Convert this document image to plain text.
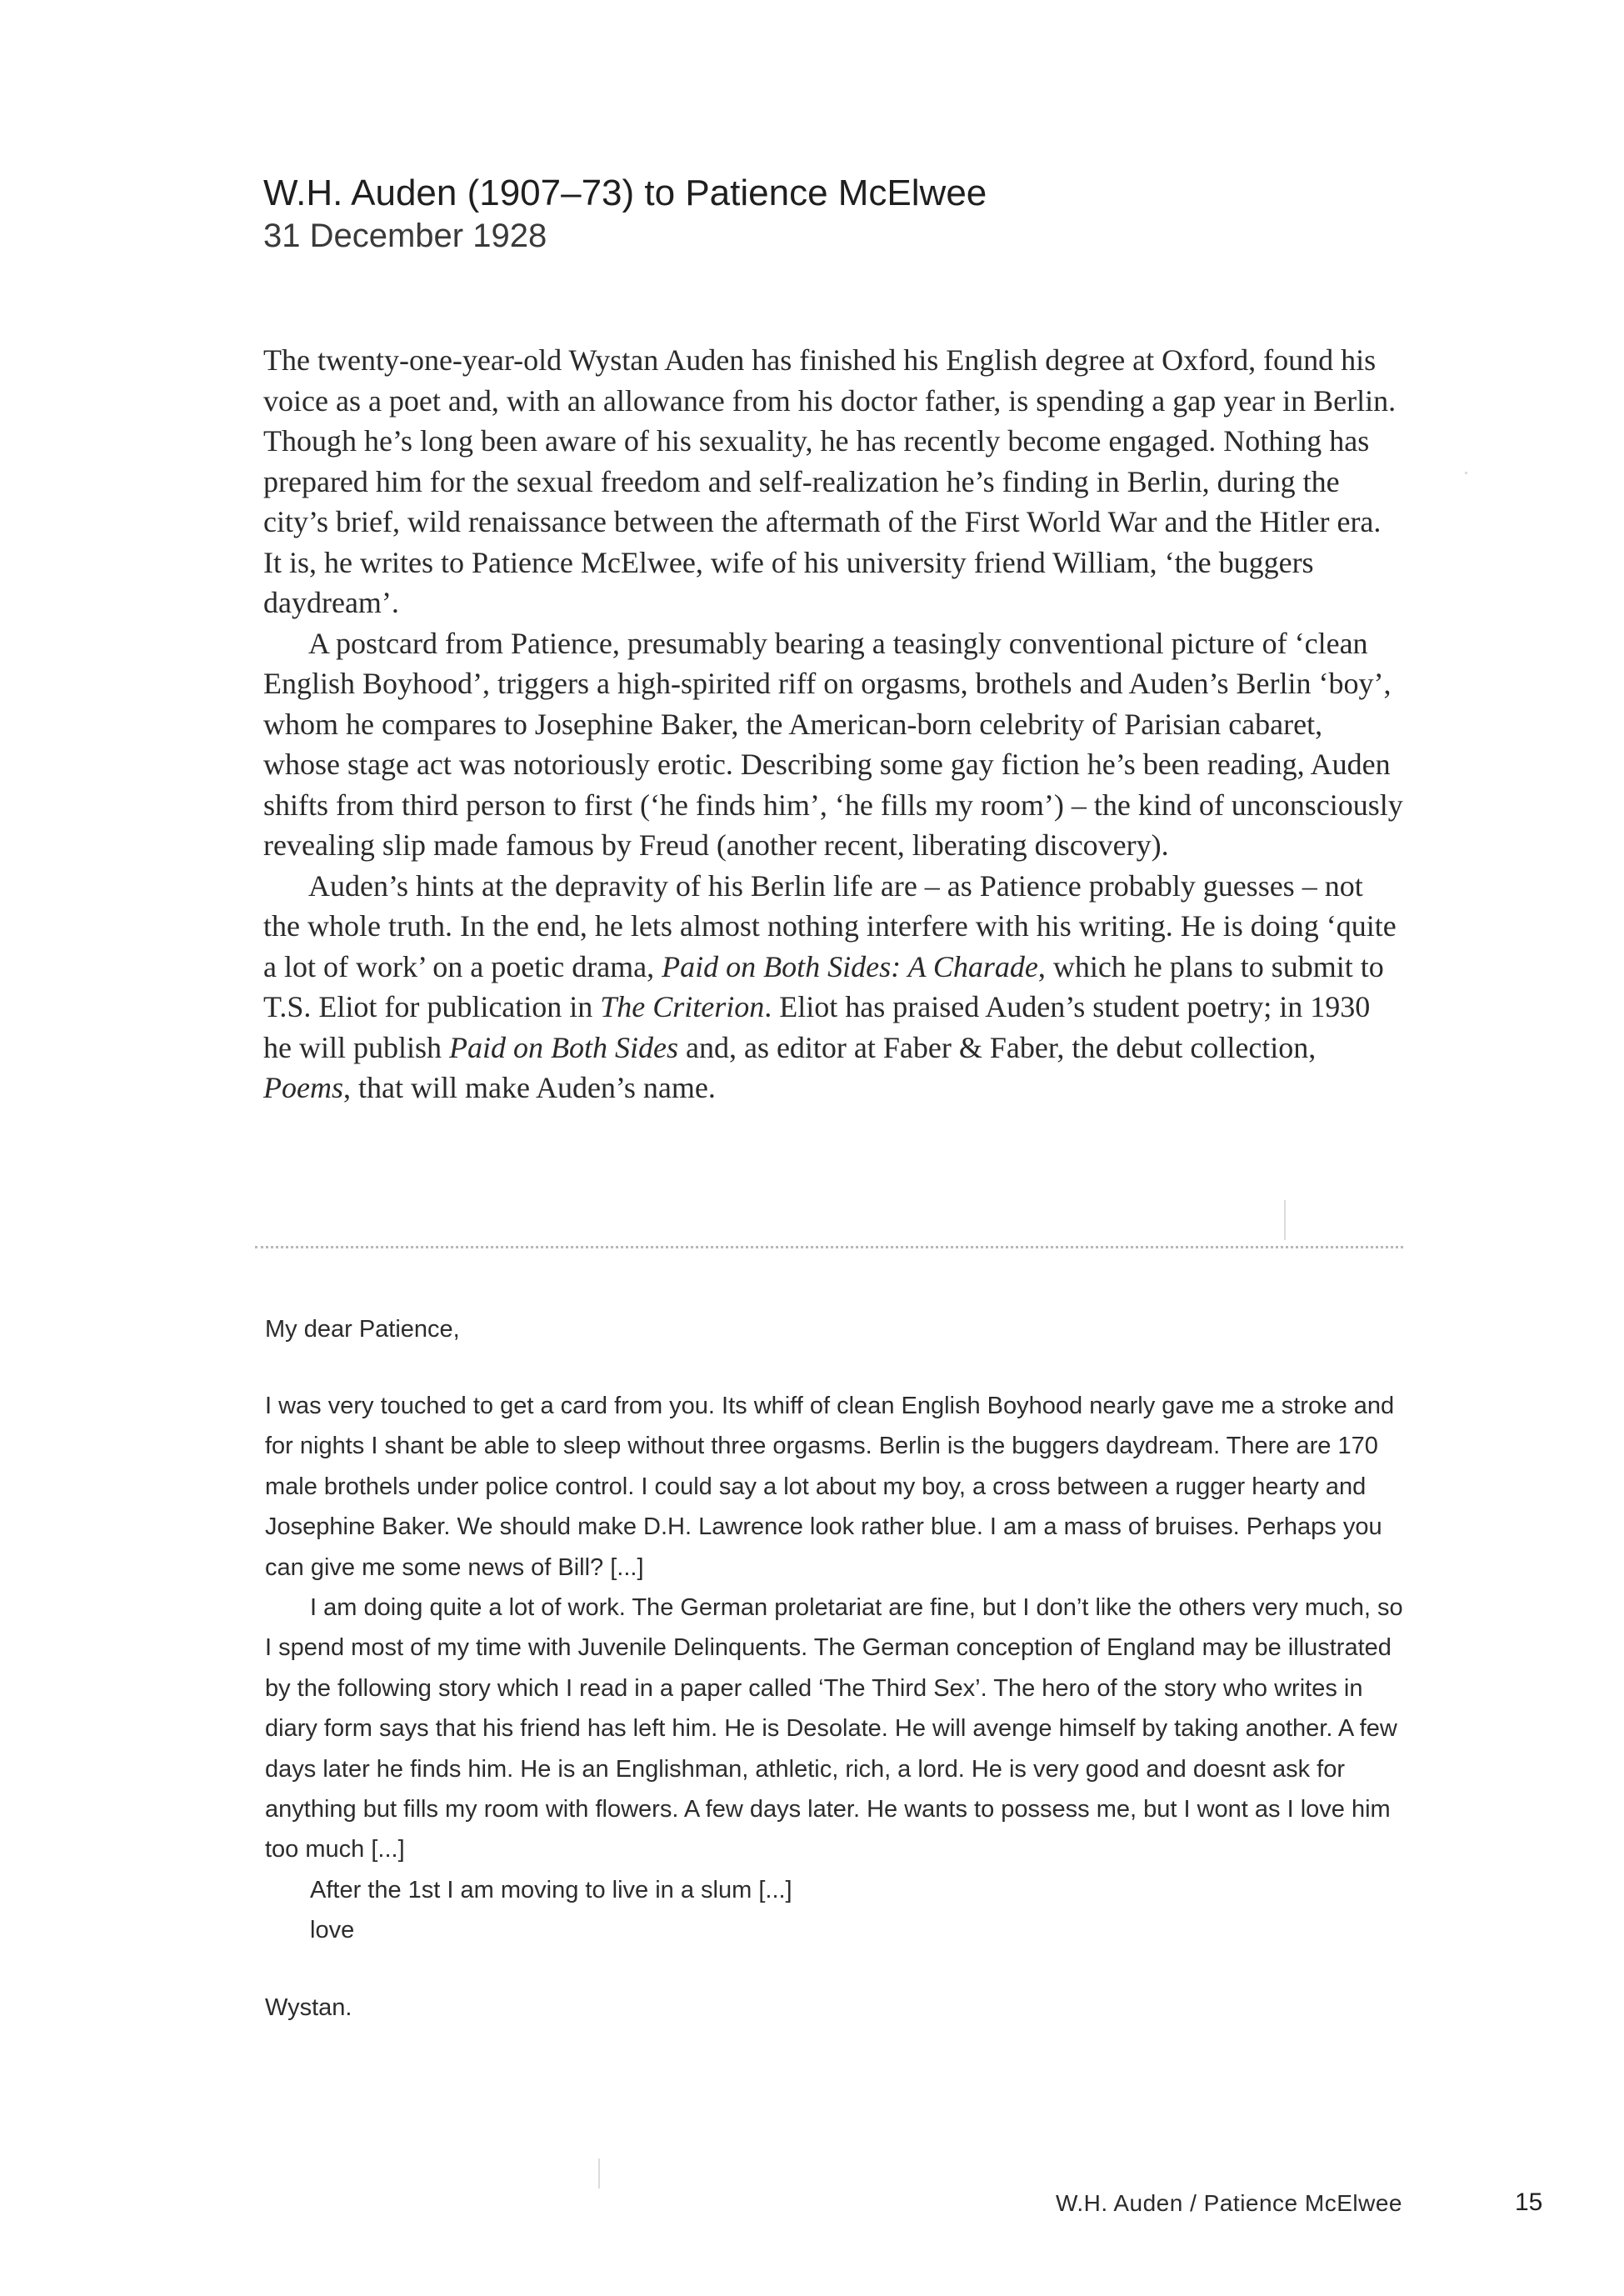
W.H. Auden (1907–73) to Patience McElwee
31 December 1928

The twenty-one-year-old Wystan Auden has finished his English degree at Oxford, found his voice as a poet and, with an allowance from his doctor father, is spending a gap year in Berlin. Though he’s long been aware of his sexuality, he has recently become engaged. Nothing has prepared him for the sexual freedom and self-realization he’s finding in Berlin, during the city’s brief, wild renaissance between the aftermath of the First World War and the Hitler era. It is, he writes to Patience McElwee, wife of his university friend William, ‘the buggers daydream’.

A postcard from Patience, presumably bearing a teasingly conventional picture of ‘clean English Boyhood’, triggers a high-spirited riff on orgasms, brothels and Auden’s Berlin ‘boy’, whom he compares to Josephine Baker, the American-born celebrity of Parisian cabaret, whose stage act was notoriously erotic. Describing some gay fiction he’s been reading, Auden shifts from third person to first (‘he finds him’, ‘he fills my room’) – the kind of unconsciously revealing slip made famous by Freud (another recent, liberating discovery).

Auden’s hints at the depravity of his Berlin life are – as Patience probably guesses – not the whole truth. In the end, he lets almost nothing interfere with his writing. He is doing ‘quite a lot of work’ on a poetic drama, Paid on Both Sides: A Charade, which he plans to submit to T.S. Eliot for publication in The Criterion. Eliot has praised Auden’s student poetry; in 1930 he will publish Paid on Both Sides and, as editor at Faber & Faber, the debut collection, Poems, that will make Auden’s name.

My dear Patience,

I was very touched to get a card from you. Its whiff of clean English Boyhood nearly gave me a stroke and for nights I shant be able to sleep without three orgasms. Berlin is the buggers daydream. There are 170 male brothels under police control. I could say a lot about my boy, a cross between a rugger hearty and Josephine Baker. We should make D.H. Lawrence look rather blue. I am a mass of bruises. Perhaps you can give me some news of Bill? [...]

I am doing quite a lot of work. The German proletariat are fine, but I don’t like the others very much, so I spend most of my time with Juvenile Delinquents. The German conception of England may be illustrated by the following story which I read in a paper called ‘The Third Sex’. The hero of the story who writes in diary form says that his friend has left him. He is Desolate. He will avenge himself by taking another. A few days later he finds him. He is an Englishman, athletic, rich, a lord. He is very good and doesnt ask for anything but fills my room with flowers. A few days later. He wants to possess me, but I wont as I love him too much [...]

After the 1st I am moving to live in a slum [...]

love

Wystan.
W.H. Auden / Patience McElwee	15
